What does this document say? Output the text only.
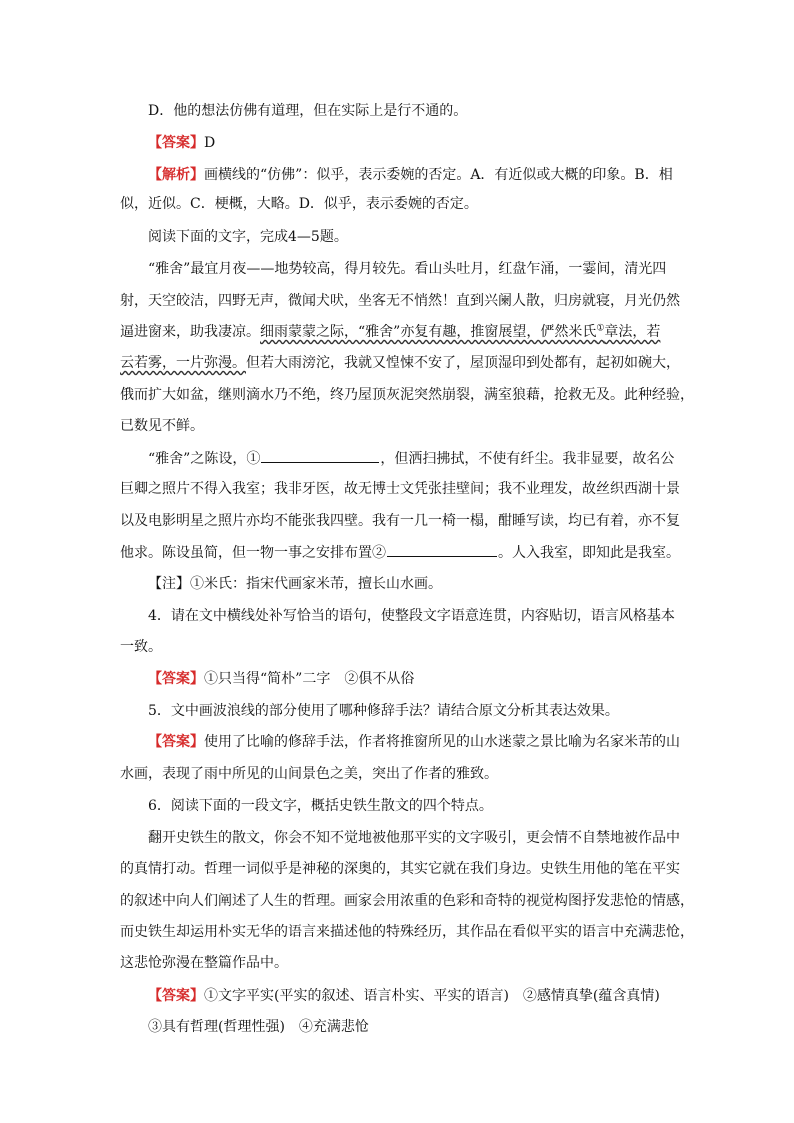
D．他的想法仿佛有道理，但在实际上是行不通的。
【答案】D
【解析】画横线的“仿佛”：似乎，表示委婉的否定。A．有近似或大概的印象。B．相
似，近似。C．梗概，大略。D．似乎，表示委婉的否定。
阅读下面的文字，完成4—5题。
“雅舍”最宜月夜——地势较高，得月较先。看山头吐月，红盘乍涌，一霎间，清光四
射，天空皎洁，四野无声，微闻犬吠，坐客无不悄然！直到兴阑人散，归房就寝，月光仍然
逼进窗来，助我凄凉。细雨蒙蒙之际，“雅舍”亦复有趣，推窗展望，俨然米氏①章法，若
云若雾，一片弥漫。但若大雨滂沱，我就又惶悚不安了，屋顶湿印到处都有，起初如碗大，
俄而扩大如盆，继则滴水乃不绝，终乃屋顶灰泥突然崩裂，满室狼藉，抢救无及。此种经验，
已数见不鲜。
“雅舍”之陈设，①	，但洒扫拂拭，不使有纤尘。我非显要，故名公
巨卿之照片不得入我室；我非牙医，故无博士文凭张挂壁间；我不业理发，故丝织西湖十景
以及电影明星之照片亦均不能张我四壁。我有一几一椅一榻，酣睡写读，均已有着，亦不复
他求。陈设虽简，但一物一事之安排布置②	。人入我室，即知此是我室。
【注】①米氏：指宋代画家米芾，擅长山水画。
4．请在文中横线处补写恰当的语句，使整段文字语意连贯，内容贴切，语言风格基本
一致。
【答案】①只当得“简朴”二字　②俱不从俗
5．文中画波浪线的部分使用了哪种修辞手法？请结合原文分析其表达效果。
【答案】使用了比喻的修辞手法，作者将推窗所见的山水迷蒙之景比喻为名家米芾的山
水画，表现了雨中所见的山间景色之美，突出了作者的雅致。
6．阅读下面的一段文字，概括史铁生散文的四个特点。
翻开史铁生的散文，你会不知不觉地被他那平实的文字吸引，更会情不自禁地被作品中
的真情打动。哲理一词似乎是神秘的深奥的，其实它就在我们身边。史铁生用他的笔在平实
的叙述中向人们阐述了人生的哲理。画家会用浓重的色彩和奇特的视觉构图抒发悲怆的情感，
而史铁生却运用朴实无华的语言来描述他的特殊经历，其作品在看似平实的语言中充满悲怆，
这悲怆弥漫在整篇作品中。
【答案】①文字平实(平实的叙述、语言朴实、平实的语言)　②感情真挚(蕴含真情)
③具有哲理(哲理性强)　④充满悲怆
